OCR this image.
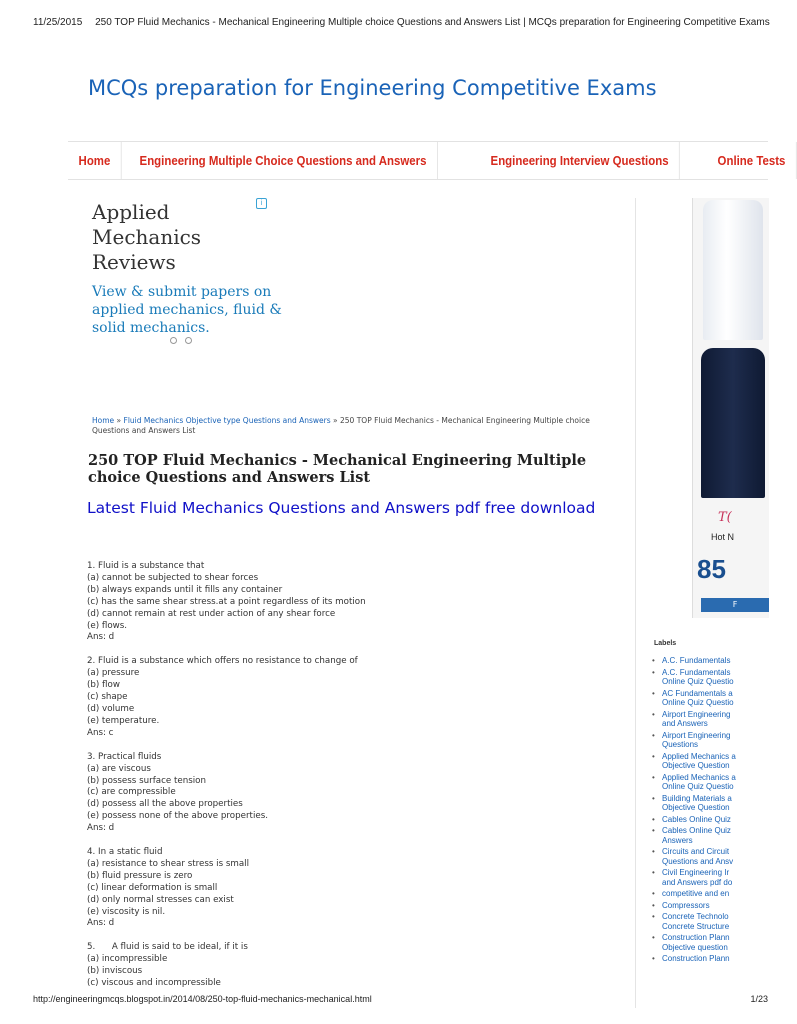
11/25/2015 250 TOP Fluid Mechanics - Mechanical Engineering Multiple choice Questions and Answers List | MCQs preparation for Engineering Competitive Exams
MCQs preparation for Engineering Competitive Exams
Home	Engineering Multiple Choice Questions and Answers	Engineering Interview Questions	Online Tests
i
Applied Mechanics Reviews
View & submit papers on applied mechanics, fluid & solid mechanics.
Home » Fluid Mechanics Objective type Questions and Answers » 250 TOP Fluid Mechanics - Mechanical Engineering Multiple choice Questions and Answers List
250 TOP Fluid Mechanics - Mechanical Engineering Multiple choice Questions and Answers List
Latest Fluid Mechanics Questions and Answers pdf free download
1. Fluid is a substance that
(a) cannot be subjected to shear forces
(b) always expands until it fills any container
(c) has the same shear stress.at a point regardless of its motion
(d) cannot remain at rest under action of any shear force
(e) flows.
Ans: d
2. Fluid is a substance which offers no resistance to change of
(a) pressure
(b) flow
(c) shape
(d) volume
(e) temperature.
Ans: c
3. Practical fluids
(a) are viscous
(b) possess surface tension
(c) are compressible
(d) possess all the above properties
(e) possess none of the above properties.
Ans: d
4. In a static fluid
(a) resistance to shear stress is small
(b) fluid pressure is zero
(c) linear deformation is small
(d) only normal stresses can exist
(e) viscosity is nil.
Ans: d
5.      A fluid is said to be ideal, if it is
(a) incompressible
(b) inviscous
(c) viscous and incompressible
T(
Hot N
85
F
Labels
• A.C. Fundamentals
• A.C. Fundamentals
Online Quiz Questio
• AC Fundamentals a
Online Quiz Questio
• Airport Engineering
and Answers
• Airport Engineering
Questions
• Applied Mechanics a
Objective Question
• Applied Mechanics a
Online Quiz Questio
• Building Materials a
Objective Question
• Cables Online Quiz
• Cables Online Quiz
Answers
• Circuits and Circuit
Questions and Ansv
• Civil Engineering Ir
and Answers pdf do
• competitive and en
• Compressors
• Concrete Technolo
Concrete Structure
• Construction Plann
Objective question
• Construction Plann
http://engineeringmcqs.blogspot.in/2014/08/250-top-fluid-mechanics-mechanical.html	1/23
